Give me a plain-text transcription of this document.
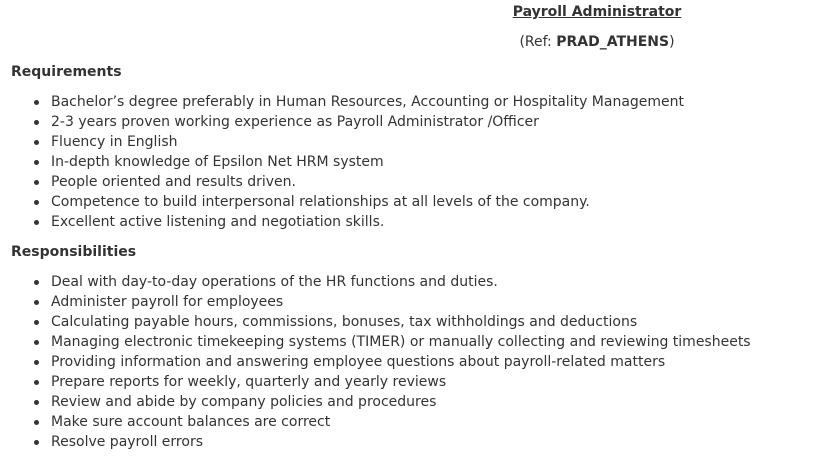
Payroll Administrator
(Ref: PRAD_ATHENS)
Requirements
Bachelor’s degree preferably in Human Resources, Accounting or Hospitality Management
2-3 years proven working experience as Payroll Administrator /Officer
Fluency in English
In-depth knowledge of Epsilon Net HRM system
People oriented and results driven.
Competence to build interpersonal relationships at all levels of the company.
Excellent active listening and negotiation skills.
Responsibilities
Deal with day-to-day operations of the HR functions and duties.
Administer payroll for employees
Calculating payable hours, commissions, bonuses, tax withholdings and deductions
Managing electronic timekeeping systems (TIMER) or manually collecting and reviewing timesheets
Providing information and answering employee questions about payroll-related matters
Prepare reports for weekly, quarterly and yearly reviews
Review and abide by company policies and procedures
Make sure account balances are correct
Resolve payroll errors
